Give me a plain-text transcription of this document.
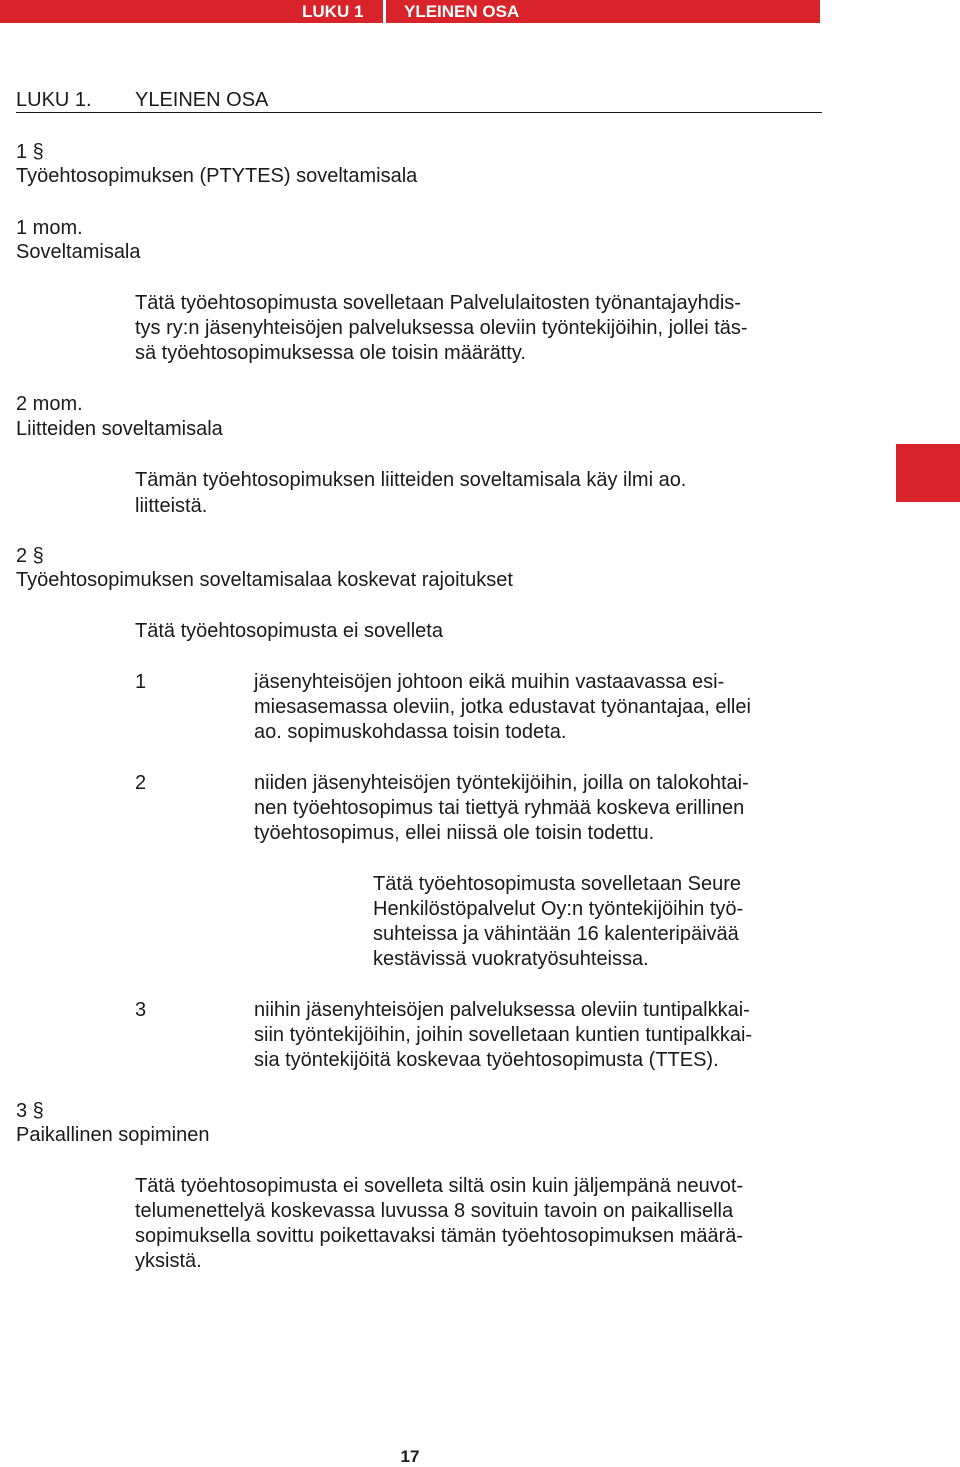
LUKU 1 YLEINEN OSA
LUKU 1. YLEINEN OSA
1 §
Työehtosopimuksen (PTYTES) soveltamisala
1 mom.
Soveltamisala
Tätä työehtosopimusta sovelletaan Palvelulaitosten työnantajayhdis-
tys ry:n jäsenyhteisöjen palveluksessa oleviin työntekijöihin, jollei täs-
sä työehtosopimuksessa ole toisin määrätty.
2 mom.
Liitteiden soveltamisala
Tämän työehtosopimuksen liitteiden soveltamisala käy ilmi ao.
liitteistä.
2 §
Työehtosopimuksen soveltamisalaa koskevat rajoitukset
Tätä työehtosopimusta ei sovelleta
1	jäsenyhteisöjen johtoon eikä muihin vastaavassa esi-
miesasemassa oleviin, jotka edustavat työnantajaa, ellei
ao. sopimuskohdassa toisin todeta.
2	niiden jäsenyhteisöjen työntekijöihin, joilla on talokohtai-
nen työehtosopimus tai tiettyä ryhmää koskeva erillinen
työehtosopimus, ellei niissä ole toisin todettu.
Tätä työehtosopimusta sovelletaan Seure
Henkilöstöpalvelut Oy:n työntekijöihin työ-
suhteissa ja vähintään 16 kalenteripäivää
kestävissä vuokratyösuhteissa.
3	niihin jäsenyhteisöjen palveluksessa oleviin tuntipalkkai-
siin työntekijöihin, joihin sovelletaan kuntien tuntipalkkai-
sia työntekijöitä koskevaa työehtosopimusta (TTES).
3 §
Paikallinen sopiminen
Tätä työehtosopimusta ei sovelleta siltä osin kuin jäljempänä neuvot-
telumenettelyä koskevassa luvussa 8 sovituin tavoin on paikallisella
sopimuksella sovittu poikettavaksi tämän työehtosopimuksen määrä-
yksistä.
17
